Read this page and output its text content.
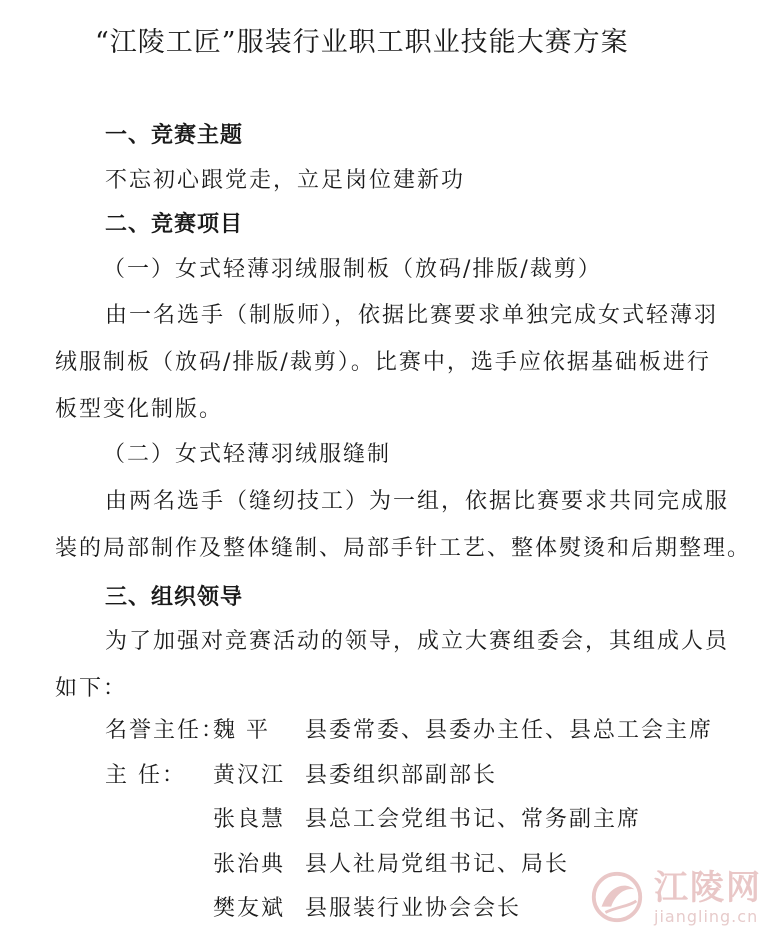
“江陵工匠”服装行业职工职业技能大赛方案
一、竞赛主题
不忘初心跟党走，立足岗位建新功
二、竞赛项目
（一）女式轻薄羽绒服制板（放码/排版/裁剪）
由一名选手（制版师），依据比赛要求单独完成女式轻薄羽
绒服制板（放码/排版/裁剪）。比赛中，选手应依据基础板进行
板型变化制版。
（二）女式轻薄羽绒服缝制
由两名选手（缝纫技工）为一组，依据比赛要求共同完成服
装的局部制作及整体缝制、局部手针工艺、整体熨烫和后期整理。
三、组织领导
为了加强对竞赛活动的领导，成立大赛组委会，其组成人员
如下：
名誉主任：魏 平 县委常委、县委办主任、县总工会主席
主 任： 黄汉江 县委组织部副部长
张良慧 县总工会党组书记、常务副主席
张治典 县人社局党组书记、局长
樊友斌 县服装行业协会会长
江陵网
jiangling.cn
